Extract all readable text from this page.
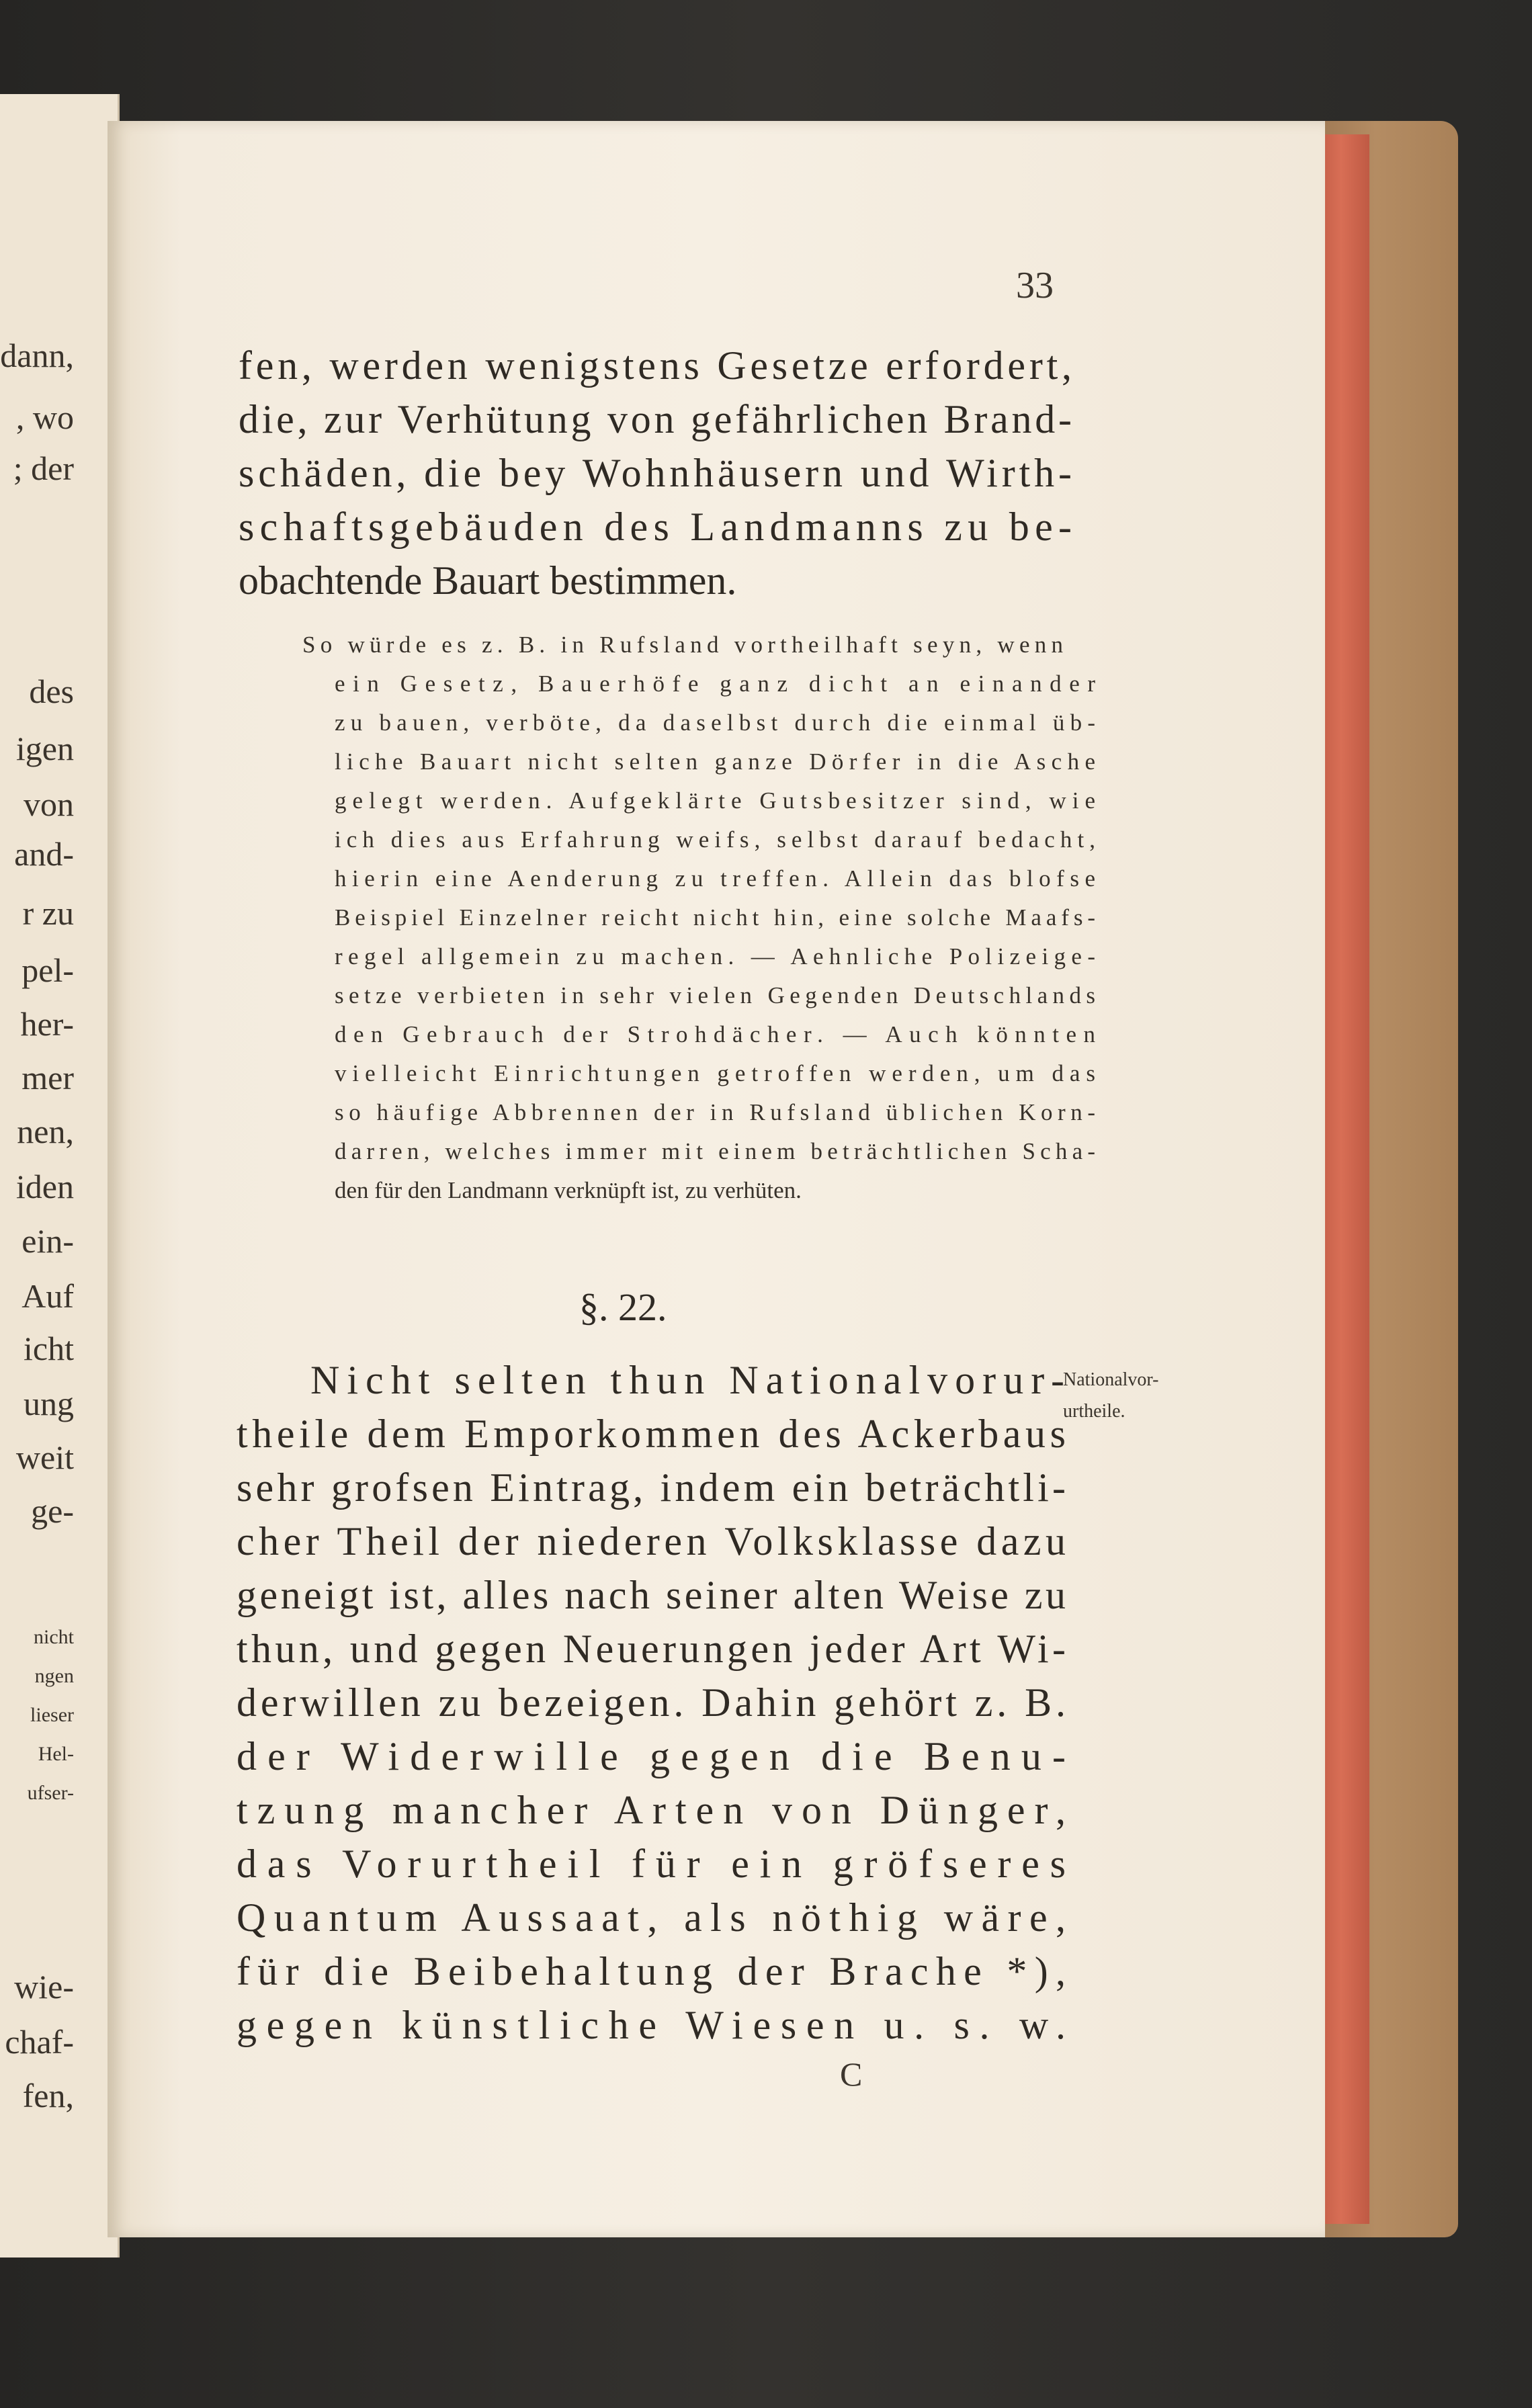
dann,
, wo
; der
des
igen
von
and-
r zu
pel-
her-
mer
nen,
iden
ein-
Auf
icht
ung
weit
ge-
nicht
ngen
lieser
Hel-
ufser-
wie-
chaf-
fen,
33
fen, werden wenigstens Gesetze erfordert,
die, zur Verhütung von gefährlichen Brand-
schäden, die bey Wohnhäusern und Wirth-
schaftsgebäuden des Landmanns zu be-
obachtende Bauart bestimmen.
So würde es z. B. in Rufsland vortheilhaft seyn, wenn
ein Gesetz, Bauerhöfe ganz dicht an einander
zu bauen, verböte, da daselbst durch die einmal üb-
liche Bauart nicht selten ganze Dörfer in die Asche
gelegt werden. Aufgeklärte Gutsbesitzer sind, wie
ich dies aus Erfahrung weifs, selbst darauf bedacht,
hierin eine Aenderung zu treffen. Allein das blofse
Beispiel Einzelner reicht nicht hin, eine solche Maafs-
regel allgemein zu machen. — Aehnliche Polizeige-
setze verbieten in sehr vielen Gegenden Deutschlands
den Gebrauch der Strohdächer. — Auch könnten
vielleicht Einrichtungen getroffen werden, um das
so häufige Abbrennen der in Rufsland üblichen Korn-
darren, welches immer mit einem beträchtlichen Scha-
den für den Landmann verknüpft ist, zu verhüten.
§. 22.
Nationalvor-
urtheile.
Nicht selten thun Nationalvorur-
theile dem Emporkommen des Ackerbaus
sehr grofsen Eintrag, indem ein beträchtli-
cher Theil der niederen Volksklasse dazu
geneigt ist, alles nach seiner alten Weise zu
thun, und gegen Neuerungen jeder Art Wi-
derwillen zu bezeigen. Dahin gehört z. B.
der Widerwille gegen die Benu-
tzung mancher Arten von Dünger,
das Vorurtheil für ein gröfseres
Quantum Aussaat, als nöthig wäre,
für die Beibehaltung der Brache *),
gegen künstliche Wiesen u. s. w.
C
